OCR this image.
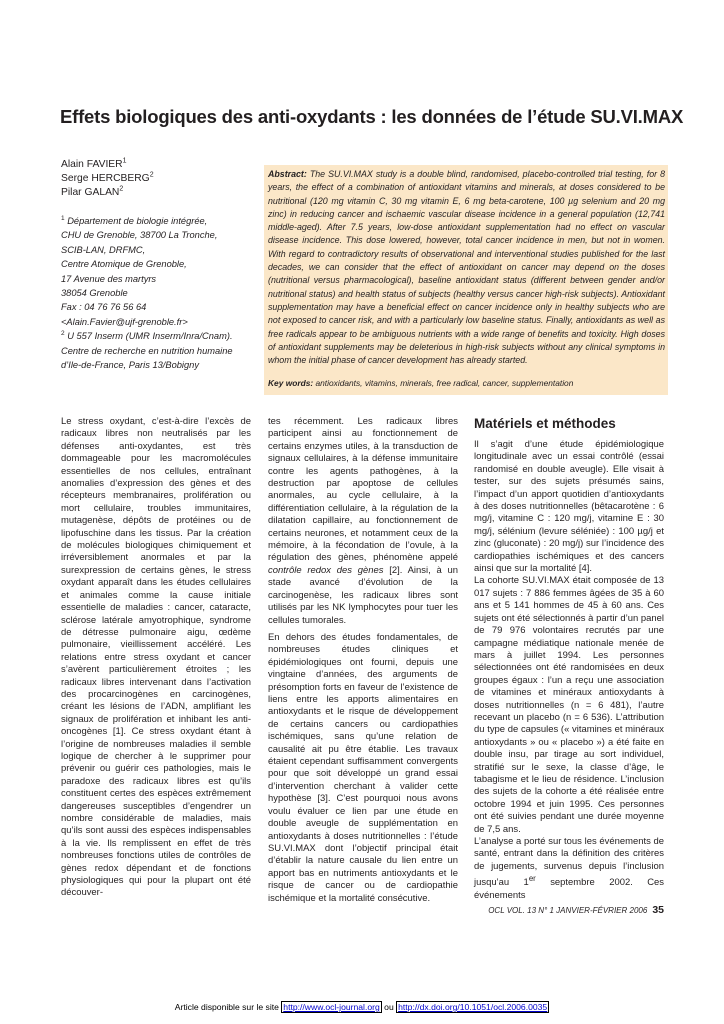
Effets biologiques des anti-oxydants : les données de l’étude SU.VI.MAX
Alain FAVIER$^1$
Serge HERCBERG$^2$
Pilar GALAN$^2$
$^1$ Département de biologie intégrée,
CHU de Grenoble, 38700 La Tronche,
SCIB-LAN, DRFMC,
Centre Atomique de Grenoble,
17 Avenue des martyrs
38054 Grenoble
Fax : 04 76 76 56 64
<Alain.Favier@ujf-grenoble.fr>
$^2$ U 557 Inserm (UMR Inserm/Inra/Cnam).
Centre de recherche en nutrition humaine
d’Ile-de-France, Paris 13/Bobigny
Abstract: The SU.VI.MAX study is a double blind, randomised, placebo-controlled trial testing, for 8 years, the effect of a combination of antioxidant vitamins and minerals, at doses considered to be nutritional (120 mg vitamin C, 30 mg vitamin E, 6 mg beta-carotene, 100 µg selenium and 20 mg zinc) in reducing cancer and ischaemic vascular disease incidence in a general population (12,741 middle-aged). After 7.5 years, low-dose antioxidant supplementation had no effect on vascular disease incidence. This dose lowered, however, total cancer incidence in men, but not in women. With regard to contradictory results of observational and interventional studies published for the last decades, we can consider that the effect of antioxidant on cancer may depend on the doses (nutritional versus pharmacological), baseline antioxidant status (different between gender and/or nutritional status) and health status of subjects (healthy versus cancer high-risk subjects). Antioxidant supplementation may have a beneficial effect on cancer incidence only in healthy subjects who are not exposed to cancer risk, and with a particularly low baseline status. Finally, antioxidants as well as free radicals appear to be ambiguous nutrients with a wide range of benefits and toxicity. High doses of antioxidant supplements may be deleterious in high-risk subjects without any clinical symptoms in whom the initial phase of cancer development has already started.
Key words: antioxidants, vitamins, minerals, free radical, cancer, supplementation

Le stress oxydant, c’est-à-dire l’excès de radicaux libres non neutralisés par les défenses anti-oxydantes, est très dommageable pour les macromolécules essentielles de nos cellules, entraînant anomalies d’expression des gènes et des récepteurs membranaires, prolifération ou mort cellulaire, troubles immunitaires, mutagenèse, dépôts de protéines ou de lipofuschine dans les tissus. Par la création de molécules biologiques chimiquement et irréversiblement anormales et par la surexpression de certains gènes, le stress oxydant apparaît dans les études cellulaires et animales comme la cause initiale essentielle de maladies : cancer, cataracte, sclérose latérale amyotrophique, syndrome de détresse pulmonaire aigu, œdème pulmonaire, vieillissement accéléré. Les relations entre stress oxydant et cancer s’avèrent particulièrement étroites ; les radicaux libres intervenant dans l’activation des procarcinogènes en carcinogènes, créant les lésions de l’ADN, amplifiant les signaux de prolifération et inhibant les anti-oncogènes [1]. Ce stress oxydant étant à l’origine de nombreuses maladies il semble logique de chercher à le supprimer pour prévenir ou guérir ces pathologies, mais le paradoxe des radicaux libres est qu’ils constituent certes des espèces extrêmement dangereuses susceptibles d’engendrer un nombre considérable de maladies, mais qu’ils sont aussi des espèces indispensables à la vie. Ils remplissent en effet de très nombreuses fonctions utiles de contrôles de gènes redox dépendant et de fonctions physiologiques qui pour la plupart ont été découver-

tes récemment. Les radicaux libres participent ainsi au fonctionnement de certains enzymes utiles, à la transduction de signaux cellulaires, à la défense immunitaire contre les agents pathogènes, à la destruction par apoptose de cellules anormales, au cycle cellulaire, à la différentiation cellulaire, à la régulation de la dilatation capillaire, au fonctionnement de certains neurones, et notamment ceux de la mémoire, à la fécondation de l’ovule, à la régulation des gènes, phénomène appelé contrôle redox des gènes [2]. Ainsi, à un stade avancé d’évolution de la carcinogenèse, les radicaux libres sont utilisés par les NK lymphocytes pour tuer les cellules tumorales.

En dehors des études fondamentales, de nombreuses études cliniques et épidémiologiques ont fourni, depuis une vingtaine d’années, des arguments de présomption forts en faveur de l’existence de liens entre les apports alimentaires en antioxydants et le risque de développement de certains cancers ou cardiopathies ischémiques, sans qu’une relation de causalité ait pu être établie. Les travaux étaient cependant suffisamment convergents pour que soit développé un grand essai d’intervention cherchant à valider cette hypothèse [3]. C’est pourquoi nous avons voulu évaluer ce lien par une étude en double aveugle de supplémentation en antioxydants à doses nutritionnelles : l’étude SU.VI.MAX dont l’objectif principal était d’établir la nature causale du lien entre un apport bas en nutriments antioxydants et le risque de cancer ou de cardiopathie ischémique et la mortalité consécutive.

Matériels et méthodes

Il s’agit d’une étude épidémiologique longitudinale avec un essai contrôlé (essai randomisé en double aveugle). Elle visait à tester, sur des sujets présumés sains, l’impact d’un apport quotidien d’antioxydants à des doses nutritionnelles (bêtacarotène : 6 mg/j, vitamine C : 120 mg/j, vitamine E : 30 mg/j, sélénium (levure séléniée) : 100 µg/j et zinc (gluconate) : 20 mg/j) sur l’incidence des cardiopathies ischémiques et des cancers ainsi que sur la mortalité [4].

La cohorte SU.VI.MAX était composée de 13 017 sujets : 7 886 femmes âgées de 35 à 60 ans et 5 141 hommes de 45 à 60 ans. Ces sujets ont été sélectionnés à partir d’un panel de 79 976 volontaires recrutés par une campagne médiatique nationale menée de mars à juillet 1994. Les personnes sélectionnées ont été randomisées en deux groupes égaux : l’un a reçu une association de vitamines et minéraux antioxydants à doses nutritionnelles (n = 6 481), l’autre recevant un placebo (n = 6 536). L’attribution du type de capsules (« vitamines et minéraux antioxydants » ou « placebo ») a été faite en double insu, par tirage au sort individuel, stratifié sur le sexe, la classe d’âge, le tabagisme et le lieu de résidence. L’inclusion des sujets de la cohorte a été réalisée entre octobre 1994 et juin 1995. Ces personnes ont été suivies pendant une durée moyenne de 7,5 ans.

L’analyse a porté sur tous les événements de santé, entrant dans la définition des critères de jugements, survenus depuis l’inclusion jusqu’au 1er septembre 2002. Ces événements

OCL VOL. 13 N° 1 JANVIER-FÉVRIER 2006 35
Article disponible sur le site http://www.ocl-journal.org ou http://dx.doi.org/10.1051/ocl.2006.0035
